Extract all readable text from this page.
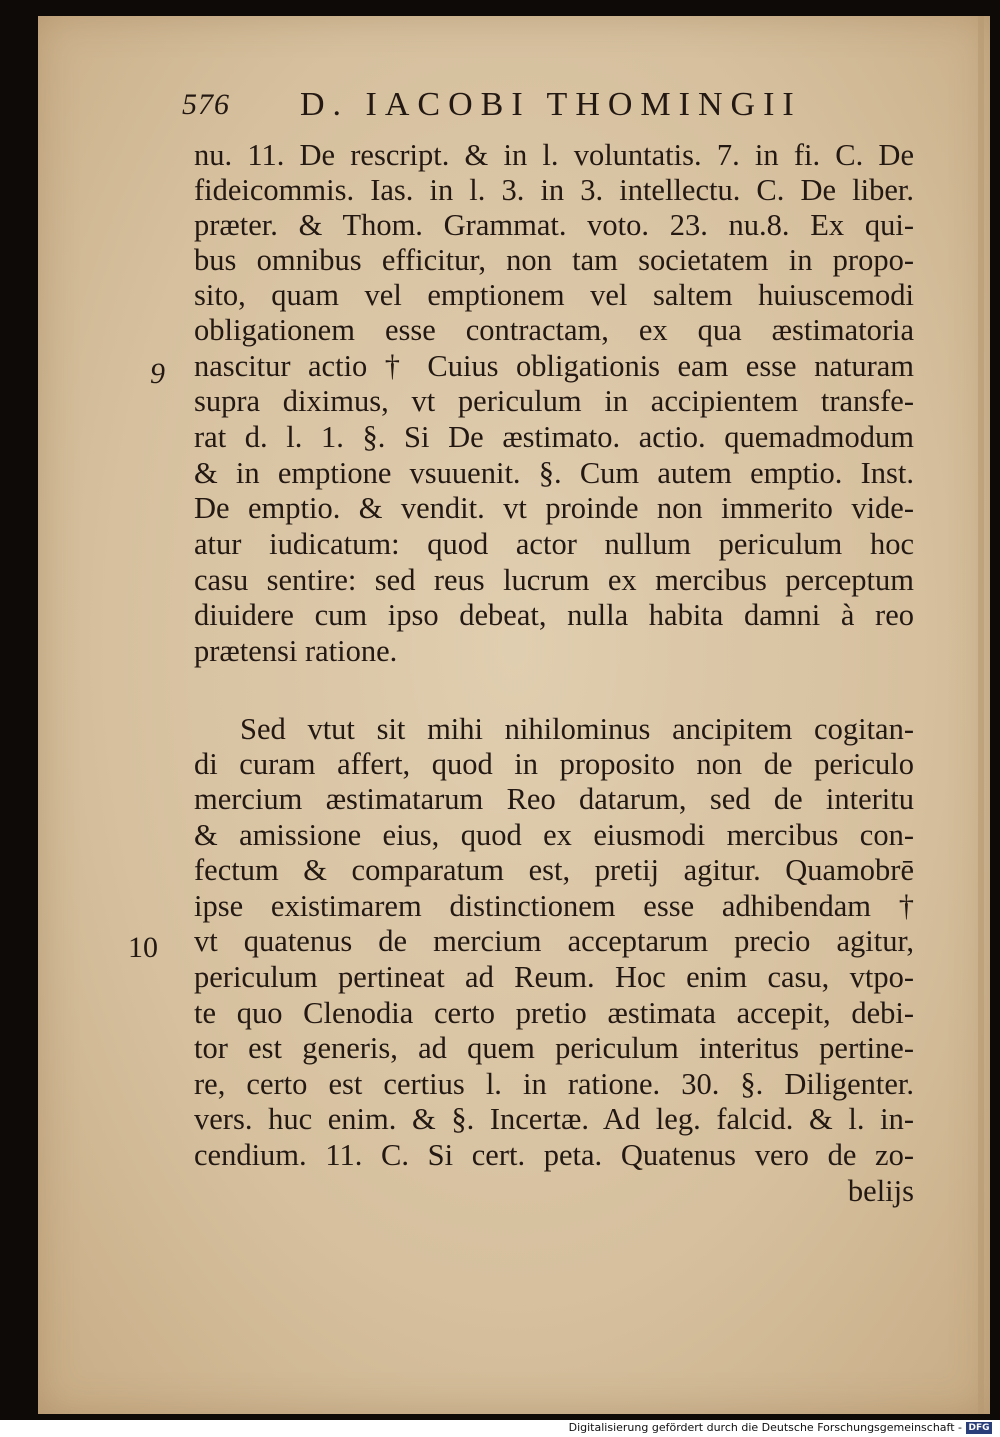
576 D. IACOBI THOMINGII
nu. 11. De rescript. & in l. voluntatis. 7. in fi. C. De
fideicommis. Ias. in l. 3. in 3. intellectu. C. De liber.
præter. & Thom. Grammat. voto. 23. nu.8. Ex qui-
bus omnibus efficitur, non tam societatem in propo-
sito, quam vel emptionem vel saltem huiuscemodi
obligationem esse contractam, ex qua æstimatoria
nascitur actio † Cuius obligationis eam esse naturam
supra diximus, vt periculum in accipientem transfe-
rat d. l. 1. §. Si De æstimato. actio. quemadmodum
& in emptione vsuuenit. §. Cum autem emptio. Inst.
De emptio. & vendit. vt proinde non immerito vide-
atur iudicatum: quod actor nullum periculum hoc
casu sentire: sed reus lucrum ex mercibus perceptum
diuidere cum ipso debeat, nulla habita damni à reo
prætensi ratione.
Sed vtut sit mihi nihilominus ancipitem cogitan-
di curam affert, quod in proposito non de periculo
mercium æstimatarum Reo datarum, sed de interitu
& amissione eius, quod ex eiusmodi mercibus con-
fectum & comparatum est, pretij agitur. Quamobrē
ipse existimarem distinctionem esse adhibendam †
vt quatenus de mercium acceptarum precio agitur,
periculum pertineat ad Reum. Hoc enim casu, vtpo-
te quo Clenodia certo pretio æstimata accepit, debi-
tor est generis, ad quem periculum interitus pertine-
re, certo est certius l. in ratione. 30. §. Diligenter.
vers. huc enim. & §. Incertæ. Ad leg. falcid. & l. in-
cendium. 11. C. Si cert. peta. Quatenus vero de zo-
belijs
9
10
Digitalisierung gefördert durch die Deutsche Forschungsgemeinschaft - DFG
